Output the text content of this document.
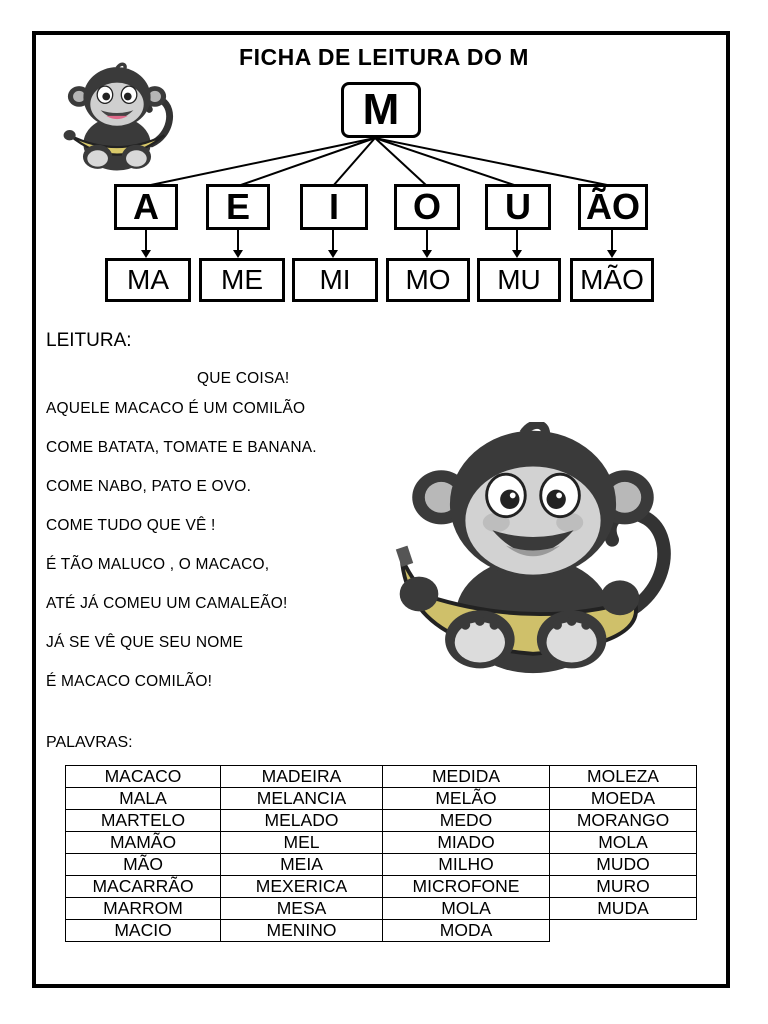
FICHA DE LEITURA DO M
M
A E I O U ÃO
MA ME MI MO MU MÃO
LEITURA:
QUE COISA!
AQUELE MACACO É UM COMILÃO
COME BATATA, TOMATE E BANANA.
COME NABO, PATO E OVO.
COME TUDO QUE VÊ !
É TÃO MALUCO , O MACACO,
ATÉ JÁ COMEU UM CAMALEÃO!
JÁ SE VÊ QUE SEU NOME
É MACACO COMILÃO!
PALAVRAS:
MACACO	MADEIRA	MEDIDA	MOLEZA
MALA	MELANCIA	MELÃO	MOEDA
MARTELO	MELADO	MEDO	MORANGO
MAMÃO	MEL	MIADO	MOLA
MÃO	MEIA	MILHO	MUDO
MACARRÃO	MEXERICA	MICROFONE	MURO
MARROM	MESA	MOLA	MUDA
MACIO	MENINO	MODA	
